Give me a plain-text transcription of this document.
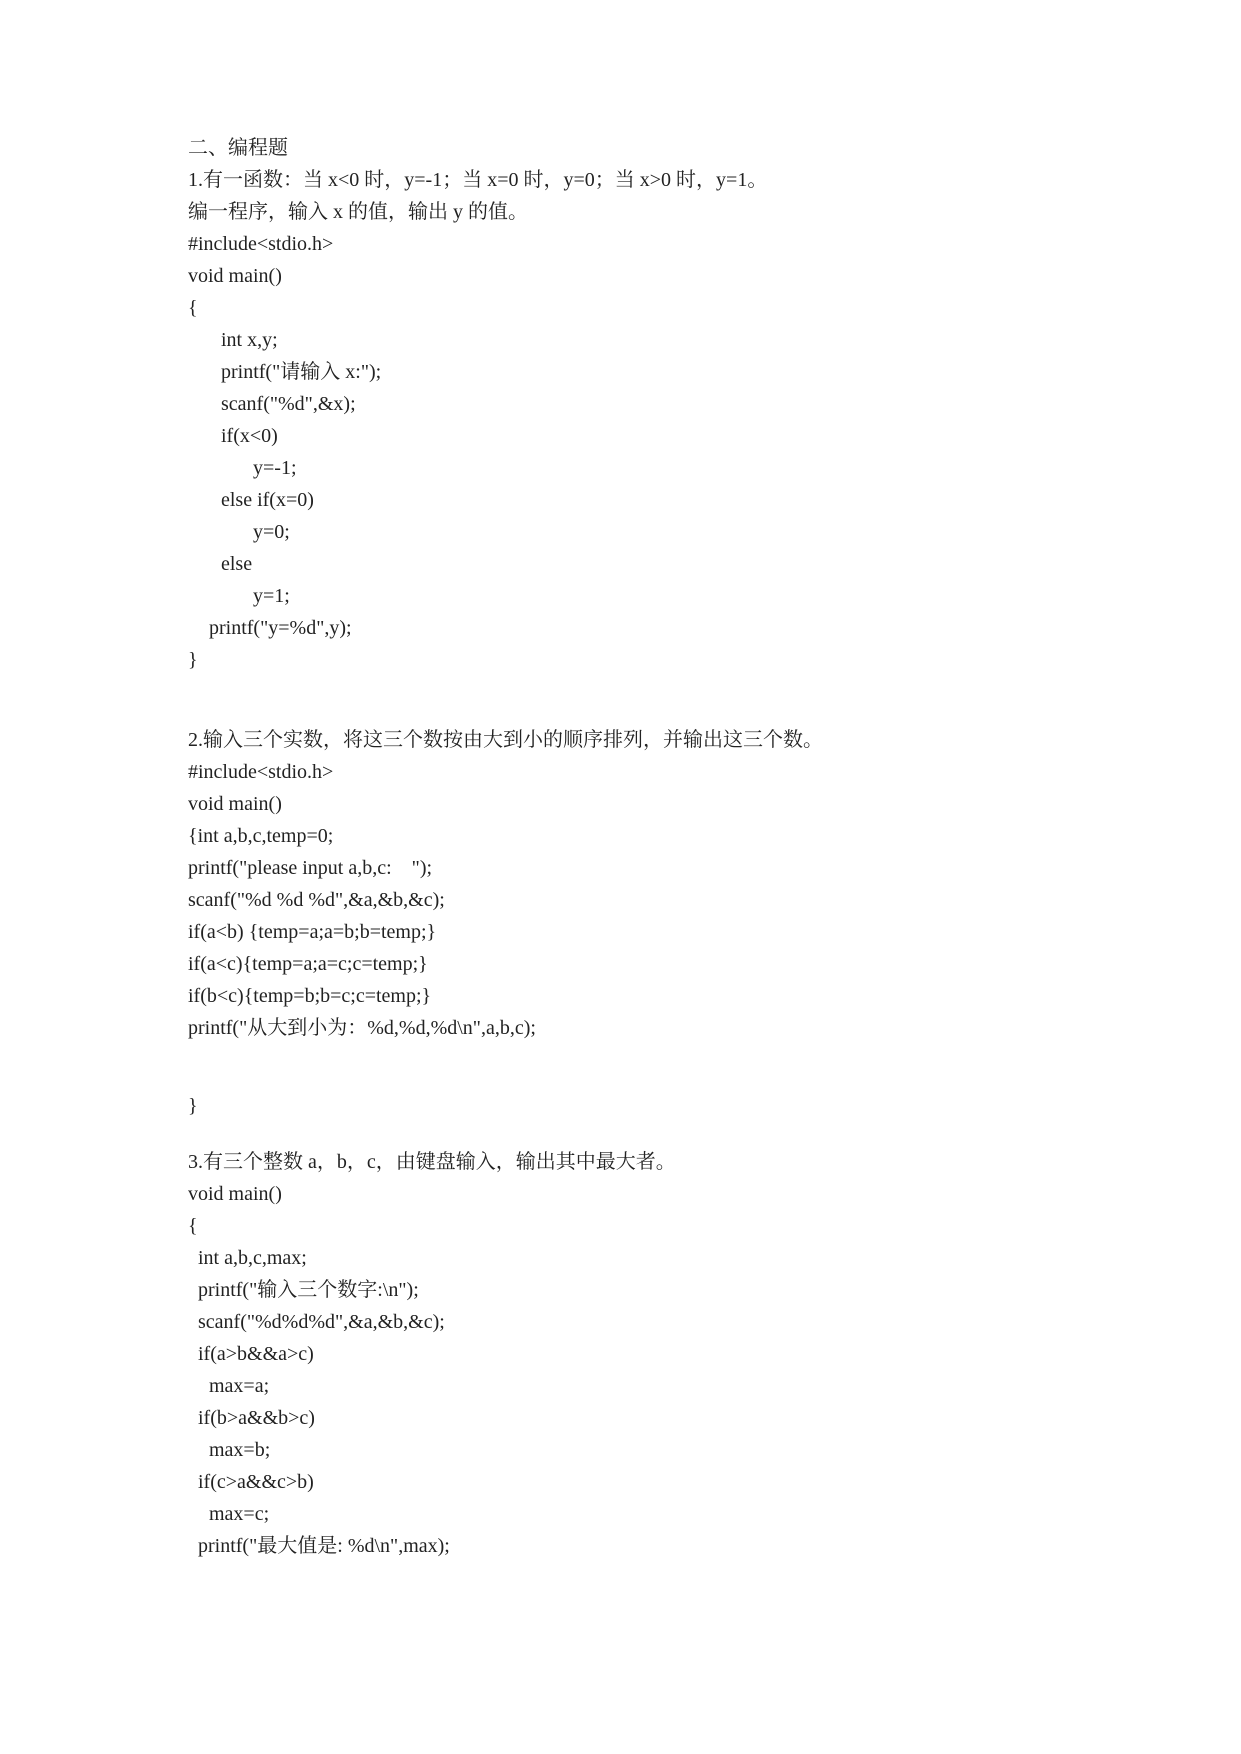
二、编程题
1.有一函数：当 x<0 时，y=-1；当 x=0 时，y=0；当 x>0 时，y=1。
编一程序，输入 x 的值，输出 y 的值。
#include<stdio.h>
void main()
{
int x,y;
printf("请输入 x:");
scanf("%d",&x);
if(x<0)
y=-1;
else if(x=0)
y=0;
else
y=1;
printf("y=%d",y);
}
2.输入三个实数，将这三个数按由大到小的顺序排列，并输出这三个数。
#include<stdio.h>
void main()
{int a,b,c,temp=0;
printf("please input a,b,c:    ");
scanf("%d %d %d",&a,&b,&c);
if(a<b) {temp=a;a=b;b=temp;}
if(a<c){temp=a;a=c;c=temp;}
if(b<c){temp=b;b=c;c=temp;}
printf("从大到小为：%d,%d,%d\n",a,b,c);
}
3.有三个整数 a，b，c，由键盘输入，输出其中最大者。
void main()
{
int a,b,c,max;
printf("输入三个数字:\n");
scanf("%d%d%d",&a,&b,&c);
if(a>b&&a>c)
max=a;
if(b>a&&b>c)
max=b;
if(c>a&&c>b)
max=c;
printf("最大值是: %d\n",max);
